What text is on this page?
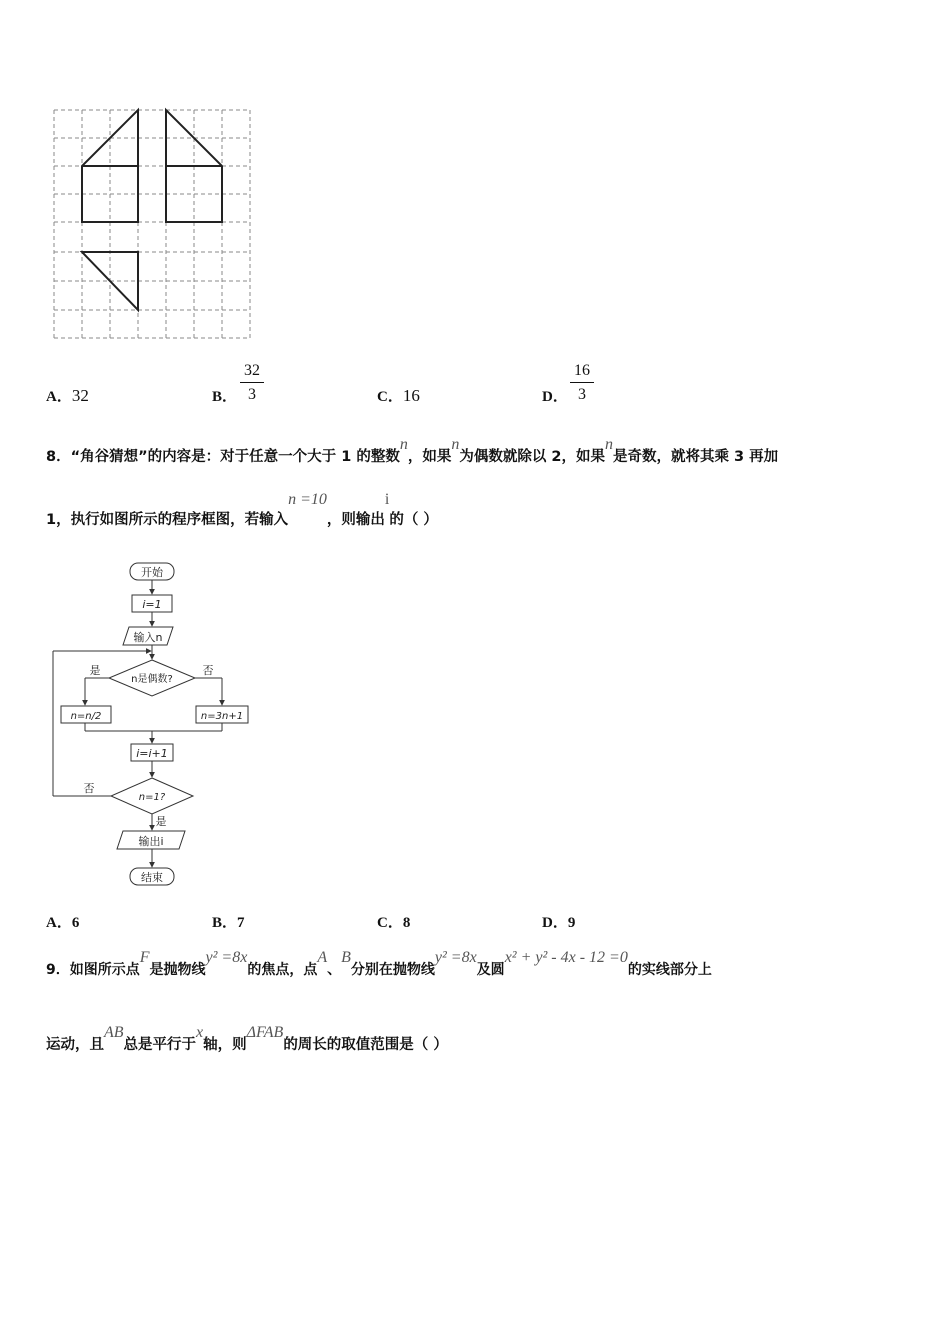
A．32	B． $\frac{32}{3}$	C．16	D． $\frac{16}{3}$
8．“角谷猜想”的内容是：对于任意一个大于 1 的整数n，如果n为偶数就除以 2，如果n是奇数，就将其乘 3 再加
1，执行如图所示的程序框图，若输入n =10，则输出i的（ ）
开始
i=1
输入n
n是偶数?
是	否
n=n/2	n=3n+1
i=i+1
n=1?
否
是
输出i
结束
A．6	B．7	C．8	D．9
9．如图所示点F是抛物线y² =8x的焦点，点A、B分别在抛物线y² =8x及圆x² + y² - 4x - 12 =0的实线部分上
运动，且AB总是平行于x轴，则ΔFAB的周长的取值范围是（ ）
